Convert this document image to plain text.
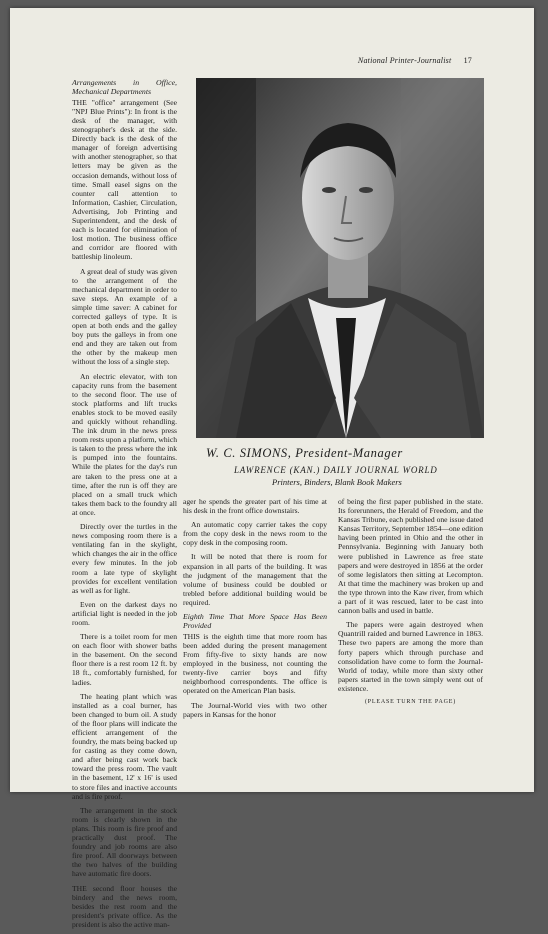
National Printer-Journalist 17
Arrangements in Office, Mechanical Departments

THE "office" arrangement (See "NPJ Blue Prints"): In front is the desk of the manager, with stenographer's desk at the side. Directly back is the desk of the manager of foreign advertising with another stenographer, so that letters may be given as the occasion demands, without loss of time. Small easel signs on the counter call attention to Information, Cashier, Circulation, Advertising, Job Printing and Superintendent, and the desk of each is located for elimination of lost motion. The business office and corridor are floored with battleship linoleum.

A great deal of study was given to the arrangement of the mechanical department in order to save steps. An example of a simple time saver: A cabinet for corrected galleys of type. It is open at both ends and the galley boy puts the galleys in from one end and they are taken out from the other by the makeup men without the loss of a single step.

An electric elevator, with ton capacity runs from the basement to the second floor. The use of stock platforms and lift trucks enables stock to be moved easily and quickly without rehandling. The ink drum in the news press room rests upon a platform, which is taken to the press where the ink is pumped into the fountains. While the plates for the day's run are taken to the press one at a time, after the run is off they are placed on a small truck which takes them back to the foundry all at once.

Directly over the turtles in the news composing room there is a ventilating fan in the skylight, which changes the air in the office every few minutes. In the job room a late type of skylight provides for excellent ventilation as well as for light.

Even on the darkest days no artificial light is needed in the job room.

There is a toilet room for men on each floor with shower baths in the basement. On the second floor there is a rest room 12 ft. by 18 ft., comfortably furnished, for ladies.

The heating plant which was installed as a coal burner, has been changed to burn oil. A study of the floor plans will indicate the efficient arrangement of the foundry, the mats being backed up for casting as they come down, and after being cast work back toward the press room. The vault in the basement, 12' x 16' is used to store files and inactive accounts and is fire proof.

The arrangement in the stock room is clearly shown in the plans. This room is fire proof and practically dust proof. The foundry and job rooms are also fire proof. All doorways between the two halves of the building have automatic fire doors.

THE second floor houses the bindery and the news room, besides the rest room and the president's private office. As the president is also the active man-

W. C. SIMONS, President-Manager
LAWRENCE (KAN.) DAILY JOURNAL WORLD
Printers, Binders, Blank Book Makers

ager he spends the greater part of his time at his desk in the front office downstairs.

An automatic copy carrier takes the copy from the copy desk in the news room to the copy desk in the composing room.

It will be noted that there is room for expansion in all parts of the building. It was the judgment of the management that the volume of business could be doubled or trebled before additional building would be required.

Eighth Time That More Space Has Been Provided

THIS is the eighth time that more room has been added during the present management From fifty-five to sixty hands are now employed in the business, not counting the twenty-five carrier boys and fifty neighborhood correspondents. The office is operated on the American Plan basis.

The Journal-World vies with two other papers in Kansas for the honor

of being the first paper published in the state. Its forerunners, the Herald of Freedom, and the Kansas Tribune, each published one issue dated Kansas Territory, September 1854—one edition having been printed in Ohio and the other in Pennsylvania. Beginning with January both were published in Lawrence as free state papers and were destroyed in 1856 at the order of some legislators then sitting at Lecompton. At that time the machinery was broken up and the type thrown into the Kaw river, from which a part of it was rescued, later to be cast into cannon balls and used in battle.

The papers were again destroyed when Quantrill raided and burned Lawrence in 1863. These two papers are among the more than forty papers which through purchase and consolidation have come to form the Journal-World of today, while more than sixty other papers started in the town simply went out of existence.

(PLEASE TURN THE PAGE)
